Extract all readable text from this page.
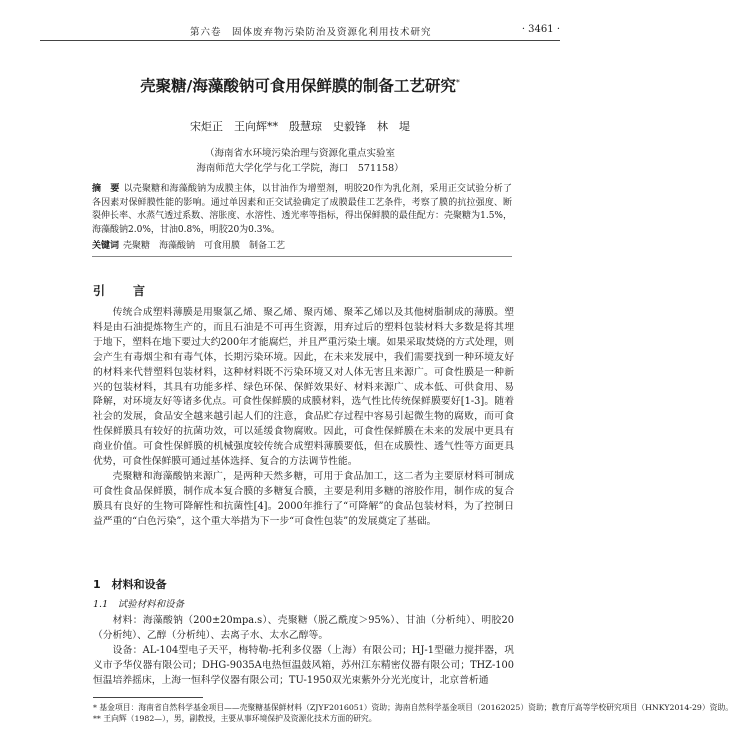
第六卷　固体废弃物污染防治及资源化利用技术研究	· 3461 ·
壳聚糖/海藻酸钠可食用保鲜膜的制备工艺研究*
宋炬正　王向辉**　殷慧琼　史毅锋　林　堤
（海南省水环境污染治理与资源化重点实验室
海南师范大学化学与化工学院，海口　571158）
摘　要 以壳聚糖和海藻酸钠为成膜主体，以甘油作为增塑剂，明胶20作为乳化剂，采用正交试验分析了各因素对保鲜膜性能的影响。通过单因素和正交试验确定了成膜最佳工艺条件，考察了膜的抗拉强度、断裂伸长率、水蒸气透过系数、溶胀度、水溶性、透光率等指标，得出保鲜膜的最佳配方：壳聚糖为1.5%，海藻酸钠2.0%，甘油0.8%，明胶20为0.3%。
关键词 壳聚糖　海藻酸钠　可食用膜　制备工艺
引　言

传统合成塑料薄膜是用聚氯乙烯、聚乙烯、聚丙烯、聚苯乙烯以及其他树脂制成的薄膜。塑料是由石油提炼物生产的，而且石油是不可再生资源，用弃过后的塑料包装材料大多数是将其埋于地下，塑料在地下要过大约200年才能腐烂，并且严重污染土壤。如果采取焚烧的方式处理，则会产生有毒烟尘和有毒气体，长期污染环境。因此，在未来发展中，我们需要找到一种环境友好的材料来代替塑料包装材料，这种材料既不污染环境又对人体无害且来源广。可食性膜是一种新兴的包装材料，其具有功能多样、绿色环保、保鲜效果好、材料来源广、成本低、可供食用、易降解，对环境友好等诸多优点。可食性保鲜膜的成膜材料，选气性比传统保鲜膜要好[1-3]。随着社会的发展，食品安全越来越引起人们的注意，食品贮存过程中容易引起微生物的腐败，而可食性保鲜膜具有较好的抗菌功效，可以延缓食物腐败。因此，可食性保鲜膜在未来的发展中更具有商业价值。可食性保鲜膜的机械强度较传统合成塑料薄膜要低，但在成膜性、透气性等方面更具优势，可食性保鲜膜可通过基体选择、复合的方法调节性能。

壳聚糖和海藻酸钠来源广，是两种天然多糖，可用于食品加工，这二者为主要原材料可制成可食性食品保鲜膜，制作成本复合膜的多糖复合膜，主要是利用多糖的溶胶作用，制作成的复合膜具有良好的生物可降解性和抗菌性[4]。2000年推行了“可降解”的食品包装材料，为了控制日益严重的“白色污染”，这个重大举措为下一步“可食性包装”的发展奠定了基础。

1　材料和设备
1.1　试验材料和设备

材料：海藻酸钠（200±20mpa.s）、壳聚糖（脱乙酰度＞95%）、甘油（分析纯）、明胶20（分析纯）、乙醇（分析纯）、去离子水、太水乙醇等。

设备：AL-104型电子天平，梅特勒-托利多仪器（上海）有限公司；HJ-1型磁力搅拌器，巩义市予华仪器有限公司；DHG-9035A电热恒温鼓风箱，苏州江东精密仪器有限公司；THZ-100恒温培养摇床，上海一恒科学仪器有限公司；TU-1950双光束紫外分光光度计，北京普析通

* 基金项目：海南省自然科学基金项目——壳聚糖基保鲜材料（ZJYF2016051）资助；海南自然科学基金项目（20162025）资助；教育厅高等学校研究项目（HNKY2014-29）资助。
** 王向辉（1982—），男，副教授，主要从事环境保护及资源化技术方面的研究。
